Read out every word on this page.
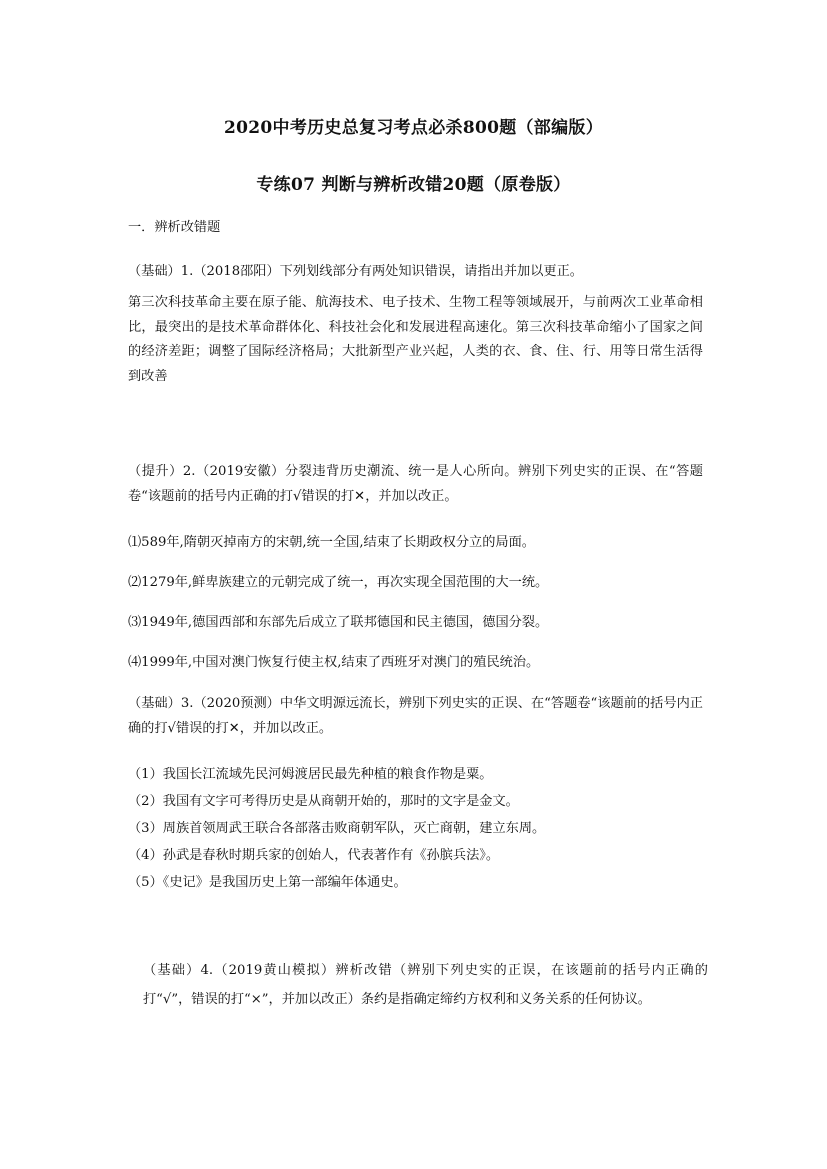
2020中考历史总复习考点必杀800题（部编版）
专练07 判断与辨析改错20题（原卷版）
一．辨析改错题
（基础）1.（2018邵阳）下列划线部分有两处知识错误，请指出并加以更正。
第三次科技革命主要在原子能、航海技术、电子技术、生物工程等领域展开，与前两次工业革命相比，最突出的是技术革命群体化、科技社会化和发展进程高速化。第三次科技革命缩小了国家之间的经济差距；调整了国际经济格局；大批新型产业兴起，人类的衣、食、住、行、用等日常生活得到改善
（提升）2.（2019安徽）分裂违背历史潮流、统一是人心所向。辨别下列史实的正误、在“答题卷“该题前的括号内正确的打√错误的打✕，并加以改正。
⑴589年,隋朝灭掉南方的宋朝,统一全国,结束了长期政权分立的局面。
⑵1279年,鲜卑族建立的元朝完成了统一，再次实现全国范围的大一统。
⑶1949年,德国西部和东部先后成立了联邦德国和民主德国，德国分裂。
⑷1999年,中国对澳门恢复行使主权,结束了西班牙对澳门的殖民统治。
（基础）3.（2020预测）中华文明源远流长，辨别下列史实的正误、在“答题卷“该题前的括号内正确的打√错误的打✕，并加以改正。
（1）我国长江流域先民河姆渡居民最先种植的粮食作物是粟。
（2）我国有文字可考得历史是从商朝开始的，那时的文字是金文。
（3）周族首领周武王联合各部落击败商朝军队，灭亡商朝，建立东周。
（4）孙武是春秋时期兵家的创始人，代表著作有《孙膑兵法》。
（5）《史记》是我国历史上第一部编年体通史。
（基础）4.（2019黄山模拟）辨析改错（辨别下列史实的正误，在该题前的括号内正确的打“√”，错误的打“×”，并加以改正）条约是指确定缔约方权利和义务关系的任何协议。
